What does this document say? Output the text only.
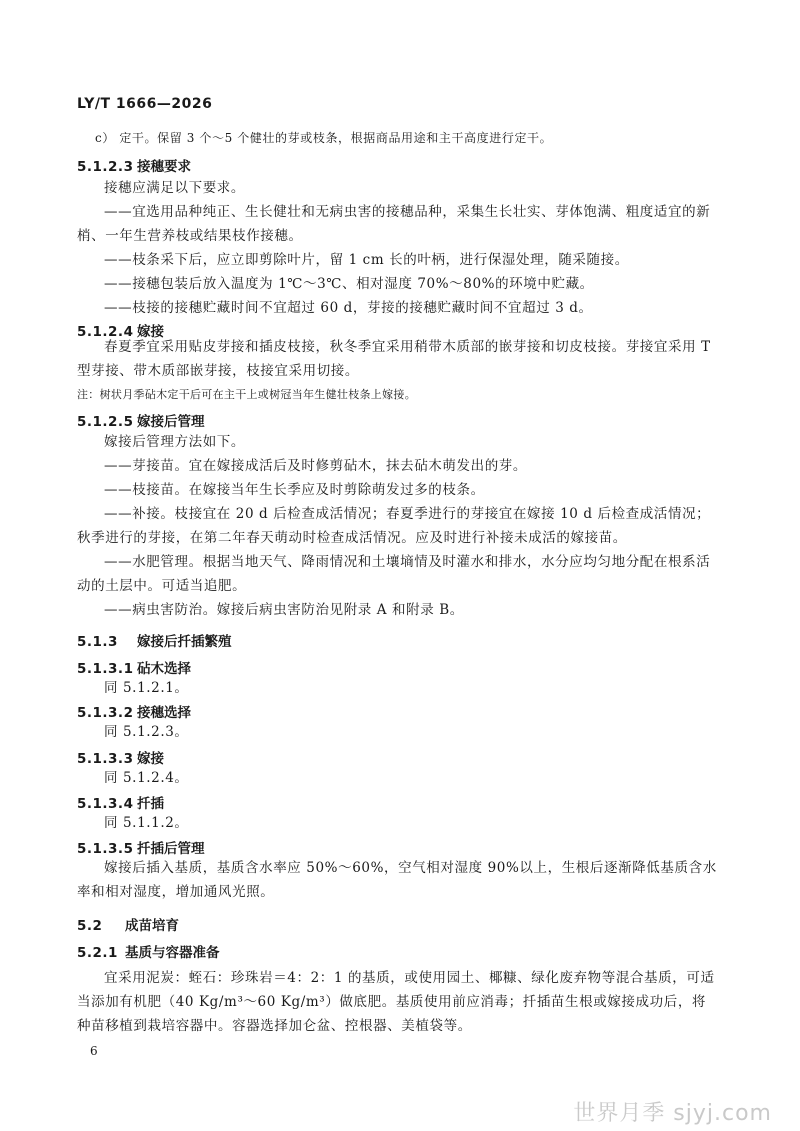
LY/T 1666—2026
c） 定干。保留 3 个～5 个健壮的芽或枝条，根据商品用途和主干高度进行定干。
5.1.2.3 接穗要求
接穗应满足以下要求。
——宜选用品种纯正、生长健壮和无病虫害的接穗品种，采集生长壮实、芽体饱满、粗度适宜的新梢、一年生营养枝或结果枝作接穗。
——枝条采下后，应立即剪除叶片，留 1 cm 长的叶柄，进行保湿处理，随采随接。
——接穗包装后放入温度为 1℃～3℃、相对湿度 70%～80%的环境中贮藏。
——枝接的接穗贮藏时间不宜超过 60 d，芽接的接穗贮藏时间不宜超过 3 d。
5.1.2.4 嫁接
春夏季宜采用贴皮芽接和插皮枝接，秋冬季宜采用稍带木质部的嵌芽接和切皮枝接。芽接宜采用 T 型芽接、带木质部嵌芽接，枝接宜采用切接。
注：树状月季砧木定干后可在主干上或树冠当年生健壮枝条上嫁接。
5.1.2.5 嫁接后管理
嫁接后管理方法如下。
——芽接苗。宜在嫁接成活后及时修剪砧木，抹去砧木萌发出的芽。
——枝接苗。在嫁接当年生长季应及时剪除萌发过多的枝条。
——补接。枝接宜在 20 d 后检查成活情况；春夏季进行的芽接宜在嫁接 10 d 后检查成活情况；秋季进行的芽接，在第二年春天萌动时检查成活情况。应及时进行补接未成活的嫁接苗。
——水肥管理。根据当地天气、降雨情况和土壤墒情及时灌水和排水，水分应均匀地分配在根系活动的土层中。可适当追肥。
——病虫害防治。嫁接后病虫害防治见附录 A 和附录 B。
5.1.3 嫁接后扦插繁殖
5.1.3.1 砧木选择
同 5.1.2.1。
5.1.3.2 接穗选择
同 5.1.2.3。
5.1.3.3 嫁接
同 5.1.2.4。
5.1.3.4 扦插
同 5.1.1.2。
5.1.3.5 扦插后管理
嫁接后插入基质，基质含水率应 50%～60%，空气相对湿度 90%以上，生根后逐渐降低基质含水率和相对湿度，增加通风光照。
5.2 成苗培育
5.2.1 基质与容器准备
宜采用泥炭：蛭石：珍珠岩＝4：2：1 的基质，或使用园土、椰糠、绿化废弃物等混合基质，可适当添加有机肥（40 Kg/m³～60 Kg/m³）做底肥。基质使用前应消毒；扦插苗生根或嫁接成功后，将种苗移植到栽培容器中。容器选择加仑盆、控根器、美植袋等。
6
世界月季 sjyj.com
